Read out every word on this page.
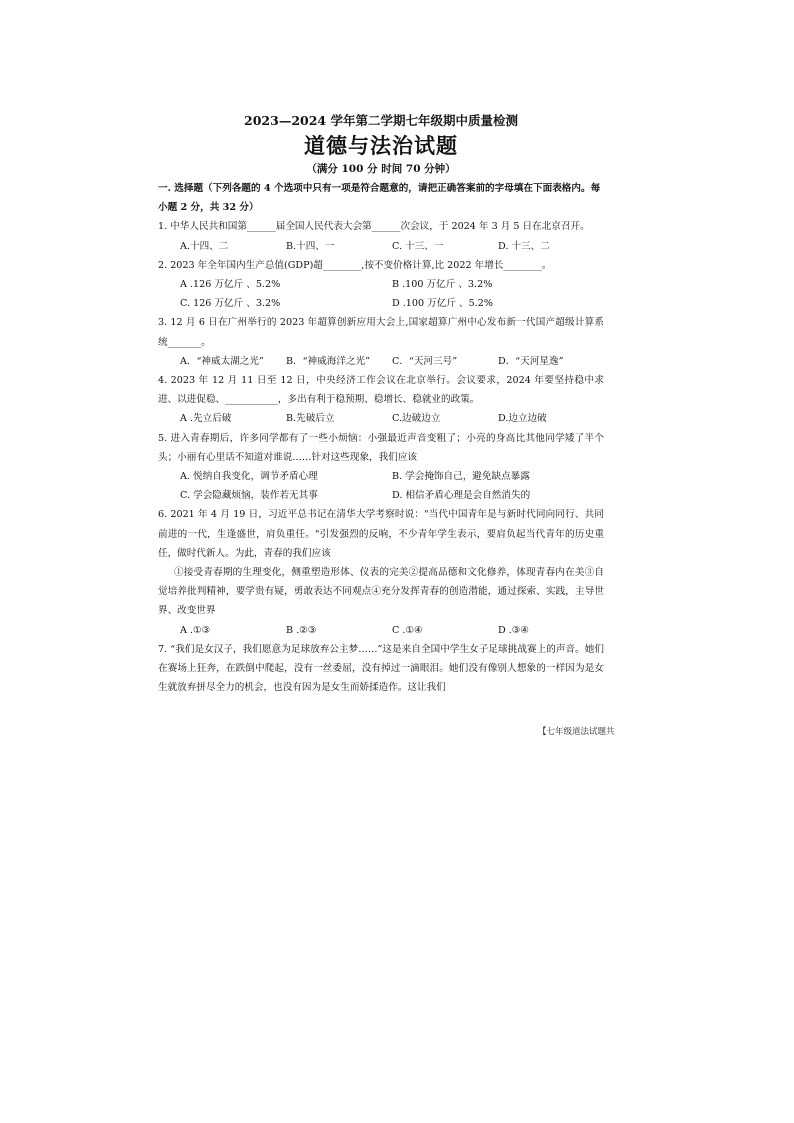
2023—2024 学年第二学期七年级期中质量检测

道德与法治试题

（满分 100 分 时间 70 分钟）

一. 选择题（下列各题的 4 个选项中只有一项是符合题意的，请把正确答案前的字母填在下面表格内。每小题 2 分，共 32 分）

1. 中华人民共和国第______届全国人民代表大会第______次会议，于 2024 年 3 月 5 日在北京召开。

A.十四、二	B.十四、一	C. 十三、一	D. 十三、二

2. 2023 年全年国内生产总值(GDP)超________,按不变价格计算,比 2022 年增长________。

A .126 万亿斤 、5.2%	B .100 万亿斤 、3.2%
C. 126 万亿斤 、3.2%	D .100 万亿斤 、5.2%

3. 12 月 6 日在广州举行的 2023 年超算创新应用大会上,国家超算广州中心发布新一代国产超级计算系统_______。

A．“神威太湖之光”	B．“神威海洋之光”	C．“天河三号”	D．“天河星逸”

4. 2023 年 12 月 11 日至 12 日，中央经济工作会议在北京举行。会议要求，2024 年要坚持稳中求进、以进促稳、___________，多出有利于稳预期、稳增长、稳就业的政策。

A .先立后破	B.先破后立	C.边破边立	D.边立边破

5. 进入青春期后，许多同学都有了一些小烦恼：小强最近声音变粗了；小亮的身高比其他同学矮了半个头；小丽有心里话不知道对谁说……针对这些现象，我们应该

A. 悦纳自我变化，调节矛盾心理	B. 学会掩饰自己，避免缺点暴露
C. 学会隐藏烦恼，装作若无其事	D. 相信矛盾心理是会自然消失的

6. 2021 年 4 月 19 日，习近平总书记在清华大学考察时说："当代中国青年是与新时代同向同行、共同前进的一代，生逢盛世，肩负重任。"引发强烈的反响，不少青年学生表示，要肩负起当代青年的历史重任，做时代新人。为此，青春的我们应该

①接受青春期的生理变化，侧重塑造形体、仪表的完美②提高品德和文化修养，体现青春内在美③自觉培养批判精神，要学贵有疑，勇敢表达不同观点④充分发挥青春的创造潜能，通过探索、实践，主导世界、改变世界

A .①③	B .②③	C .①④	D .③④

7. “我们是女汉子，我们愿意为足球放弃公主梦……”这是来自全国中学生女子足球挑战赛上的声音。她们在赛场上狂奔，在跌倒中爬起，没有一丝委屈，没有掉过一滴眼泪。她们没有像别人想象的一样因为是女生就放弃拼尽全力的机会，也没有因为是女生而娇揉造作。这让我们

【七年级道法试题共
